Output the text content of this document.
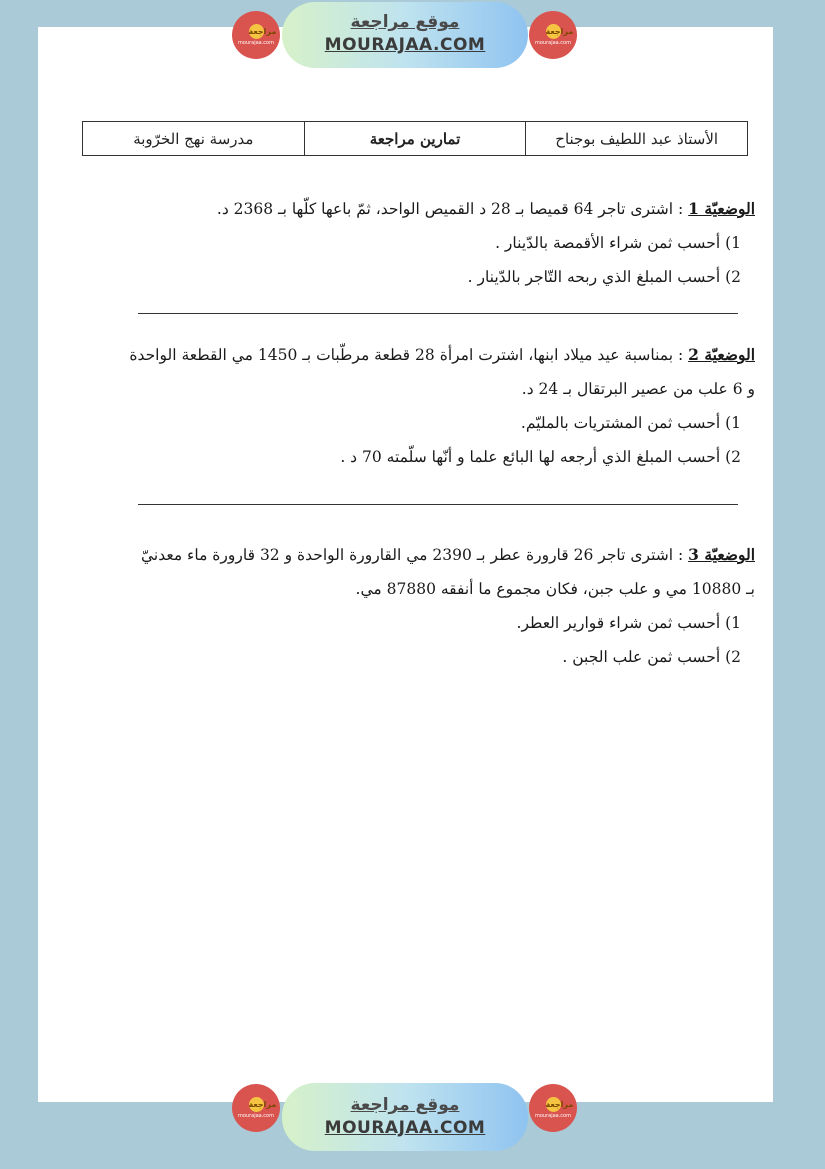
مراجعة
mourajaa.com
موقع مراجعة
MOURAJAA.COM
مراجعة
mourajaa.com
الأستاذ عبد اللطيف بوجناح
تمارين مراجعة
مدرسة نهج الخرّوبة
الوضعيّة 1 : اشترى تاجر 64 قميصا بـ 28 د القميص الواحد، ثمّ باعها كلّها بـ 2368 د.
1) أحسب ثمن شراء الأقمصة بالدّينار .
2) أحسب المبلغ الذي ربحه التّاجر بالدّينار .
الوضعيّة 2 : بمناسبة عيد ميلاد ابنها، اشترت امرأة 28 قطعة مرطّبات بـ 1450 مي القطعة الواحدة
و 6 علب من عصير البرتقال بـ 24 د.
1) أحسب ثمن المشتريات بالمليّم.
2) أحسب المبلغ الذي أرجعه لها البائع علما و أنّها سلّمته 70 د .
الوضعيّة 3 : اشترى تاجر 26 قارورة عطر بـ 2390 مي القارورة الواحدة و 32 قارورة ماء معدنيّ
بـ 10880 مي و علب جبن، فكان مجموع ما أنفقه 87880 مي.
1) أحسب ثمن شراء قوارير العطر.
2) أحسب ثمن علب الجبن .
مراجعة
mourajaa.com
موقع مراجعة
MOURAJAA.COM
مراجعة
mourajaa.com
